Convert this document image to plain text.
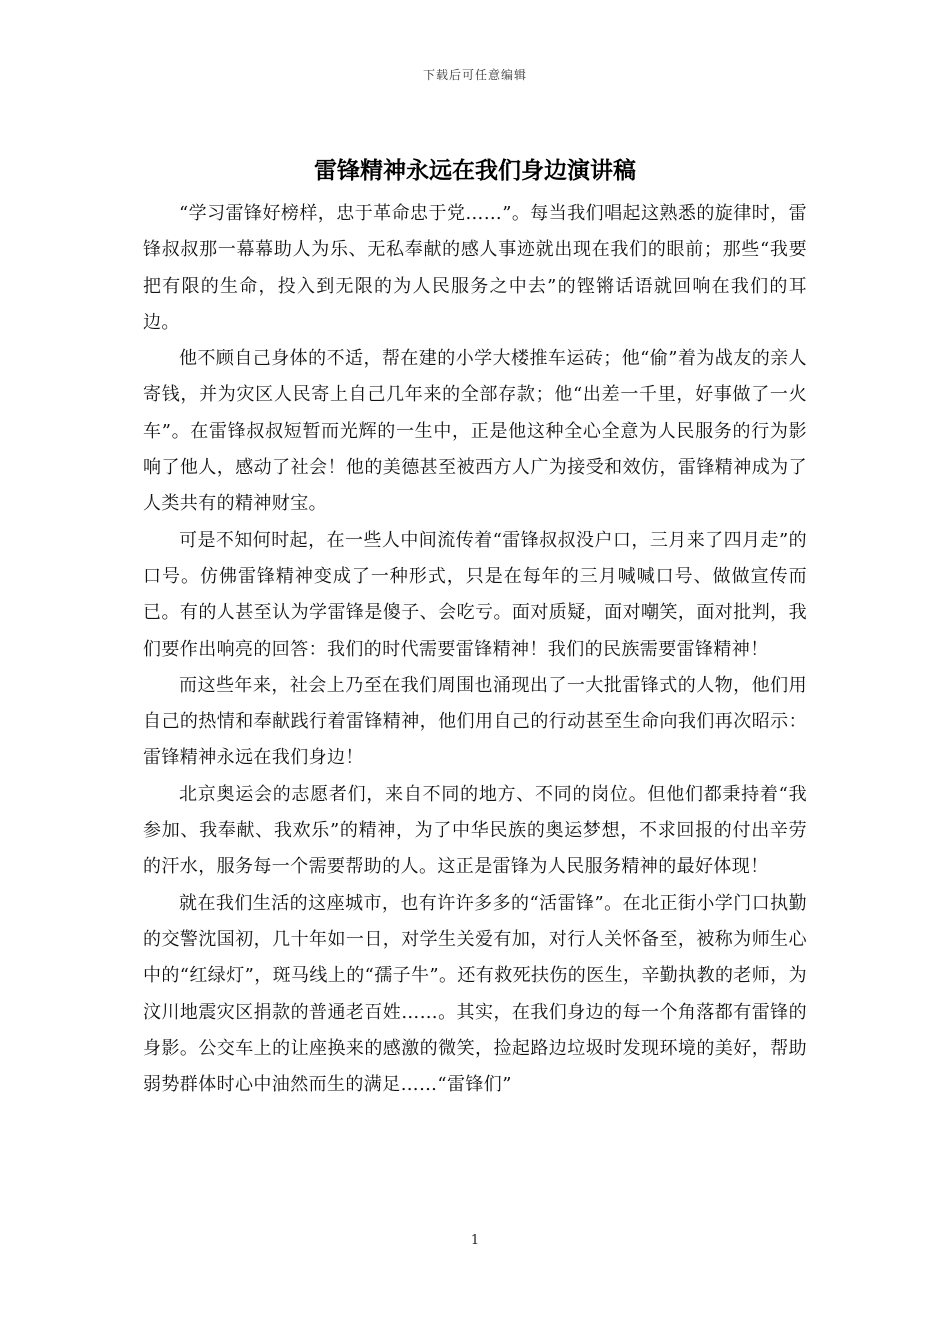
下载后可任意编辑
雷锋精神永远在我们身边演讲稿

“学习雷锋好榜样，忠于革命忠于党……”。每当我们唱起这熟悉的旋律时，雷锋叔叔那一幕幕助人为乐、无私奉献的感人事迹就出现在我们的眼前；那些“我要把有限的生命，投入到无限的为人民服务之中去”的铿锵话语就回响在我们的耳边。

他不顾自己身体的不适，帮在建的小学大楼推车运砖；他“偷”着为战友的亲人寄钱，并为灾区人民寄上自己几年来的全部存款；他“出差一千里，好事做了一火车”。在雷锋叔叔短暂而光辉的一生中，正是他这种全心全意为人民服务的行为影响了他人，感动了社会！他的美德甚至被西方人广为接受和效仿，雷锋精神成为了人类共有的精神财宝。

可是不知何时起，在一些人中间流传着“雷锋叔叔没户口，三月来了四月走”的口号。仿佛雷锋精神变成了一种形式，只是在每年的三月喊喊口号、做做宣传而已。有的人甚至认为学雷锋是傻子、会吃亏。面对质疑，面对嘲笑，面对批判，我们要作出响亮的回答：我们的时代需要雷锋精神！我们的民族需要雷锋精神！

而这些年来，社会上乃至在我们周围也涌现出了一大批雷锋式的人物，他们用自己的热情和奉献践行着雷锋精神，他们用自己的行动甚至生命向我们再次昭示：雷锋精神永远在我们身边！

北京奥运会的志愿者们，来自不同的地方、不同的岗位。但他们都秉持着“我参加、我奉献、我欢乐”的精神，为了中华民族的奥运梦想，不求回报的付出辛劳的汗水，服务每一个需要帮助的人。这正是雷锋为人民服务精神的最好体现！

就在我们生活的这座城市，也有许许多多的“活雷锋”。在北正街小学门口执勤的交警沈国初，几十年如一日，对学生关爱有加，对行人关怀备至，被称为师生心中的“红绿灯”，斑马线上的“孺子牛”。还有救死扶伤的医生，辛勤执教的老师，为汶川地震灾区捐款的普通老百姓……。其实，在我们身边的每一个角落都有雷锋的身影。公交车上的让座换来的感激的微笑，捡起路边垃圾时发现环境的美好，帮助弱势群体时心中油然而生的满足……“雷锋们”

1
